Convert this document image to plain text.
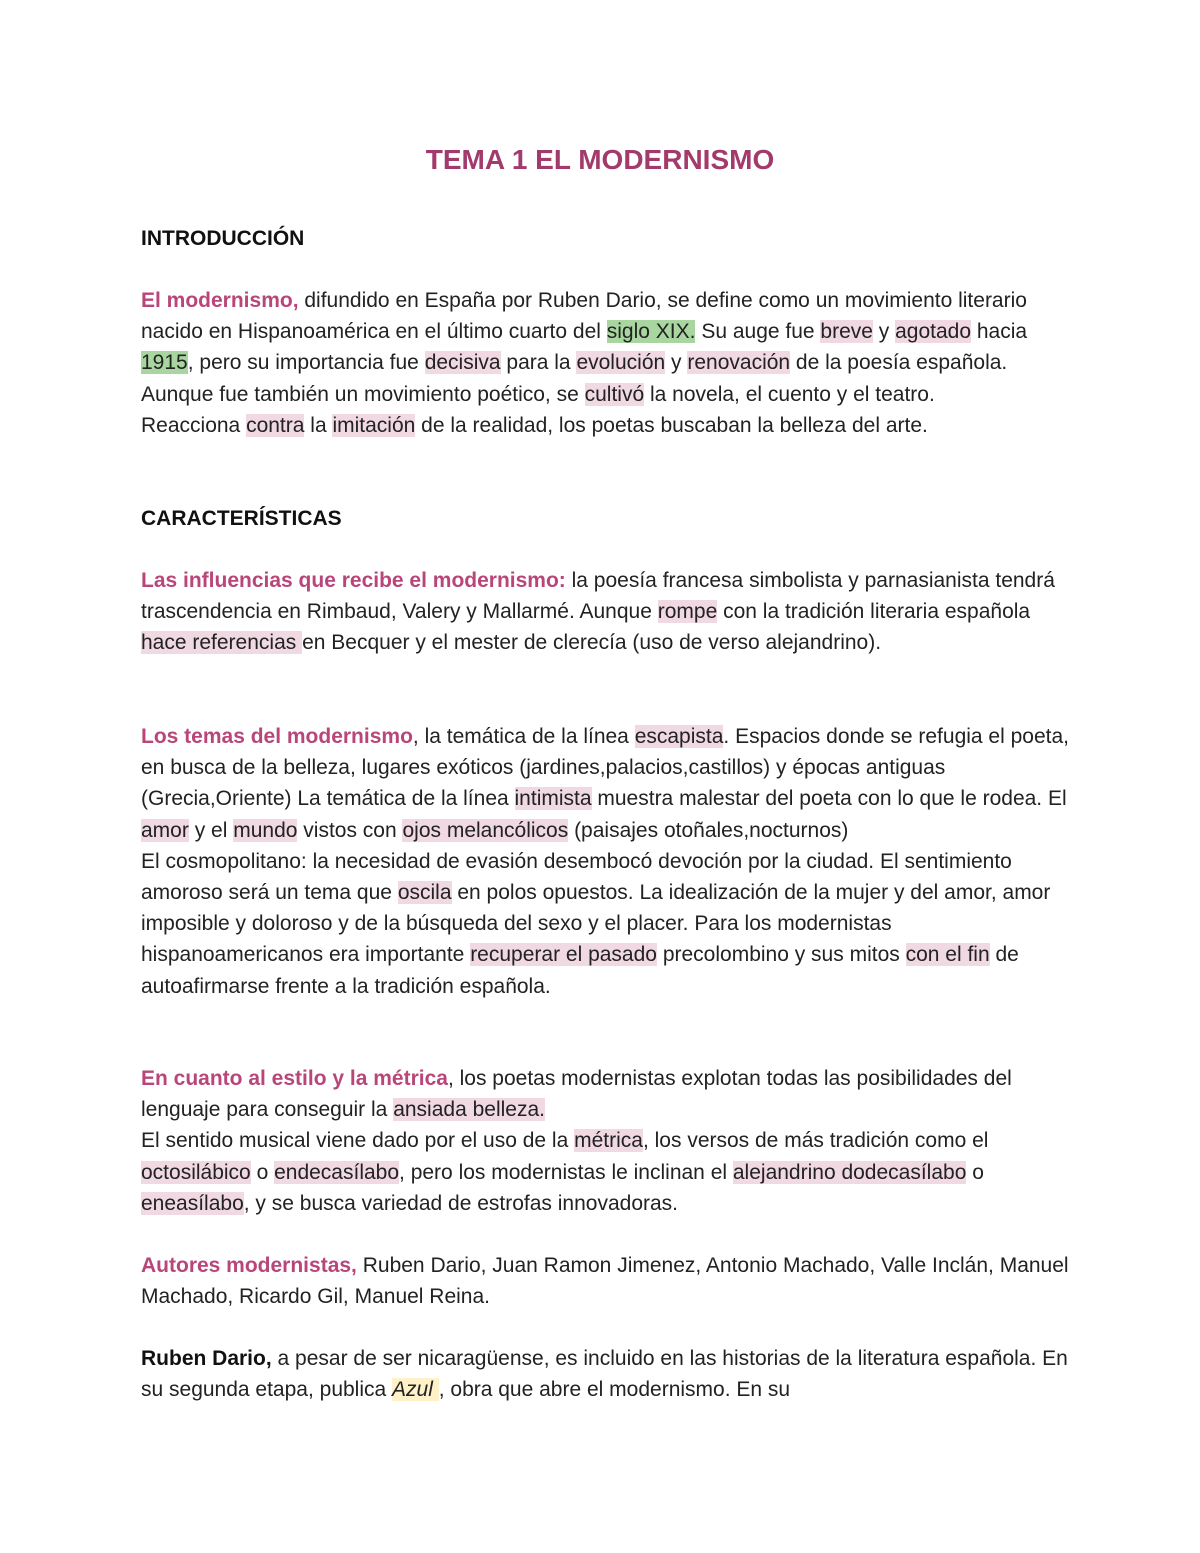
TEMA 1 EL MODERNISMO
INTRODUCCIÓN
El modernismo, difundido en España por Ruben Dario, se define como un movimiento literario nacido en Hispanoamérica en el último cuarto del siglo XIX. Su auge fue breve y agotado hacia 1915, pero su importancia fue decisiva para la evolución y renovación de la poesía española. Aunque fue también un movimiento poético, se cultivó la novela, el cuento y el teatro.
Reacciona contra la imitación de la realidad, los poetas buscaban la belleza del arte.
CARACTERÍSTICAS
Las influencias que recibe el modernismo: la poesía francesa simbolista y parnasianista tendrá trascendencia en Rimbaud, Valery y Mallarmé. Aunque rompe con la tradición literaria española hace referencias en Becquer y el mester de clerecía (uso de verso alejandrino).
Los temas del modernismo, la temática de la línea escapista. Espacios donde se refugia el poeta, en busca de la belleza, lugares exóticos (jardines,palacios,castillos) y épocas antiguas (Grecia,Oriente) La temática de la línea intimista muestra malestar del poeta con lo que le rodea. El amor y el mundo vistos con ojos melancólicos (paisajes otoñales,nocturnos)
El cosmopolitano: la necesidad de evasión desembocó devoción por la ciudad. El sentimiento amoroso será un tema que oscila en polos opuestos. La idealización de la mujer y del amor, amor imposible y doloroso y de la búsqueda del sexo y el placer. Para los modernistas hispanoamericanos era importante recuperar el pasado precolombino y sus mitos con el fin de autoafirmarse frente a la tradición española.
En cuanto al estilo y la métrica, los poetas modernistas explotan todas las posibilidades del lenguaje para conseguir la ansiada belleza.
El sentido musical viene dado por el uso de la métrica, los versos de más tradición como el octosilábico o endecasílabo, pero los modernistas le inclinan el alejandrino dodecasílabo o eneasílabo, y se busca variedad de estrofas innovadoras.
Autores modernistas, Ruben Dario, Juan Ramon Jimenez, Antonio Machado, Valle Inclán, Manuel Machado, Ricardo Gil, Manuel Reina.
Ruben Dario, a pesar de ser nicaragüense, es incluido en las historias de la literatura española. En su segunda etapa, publica Azul , obra que abre el modernismo. En su
